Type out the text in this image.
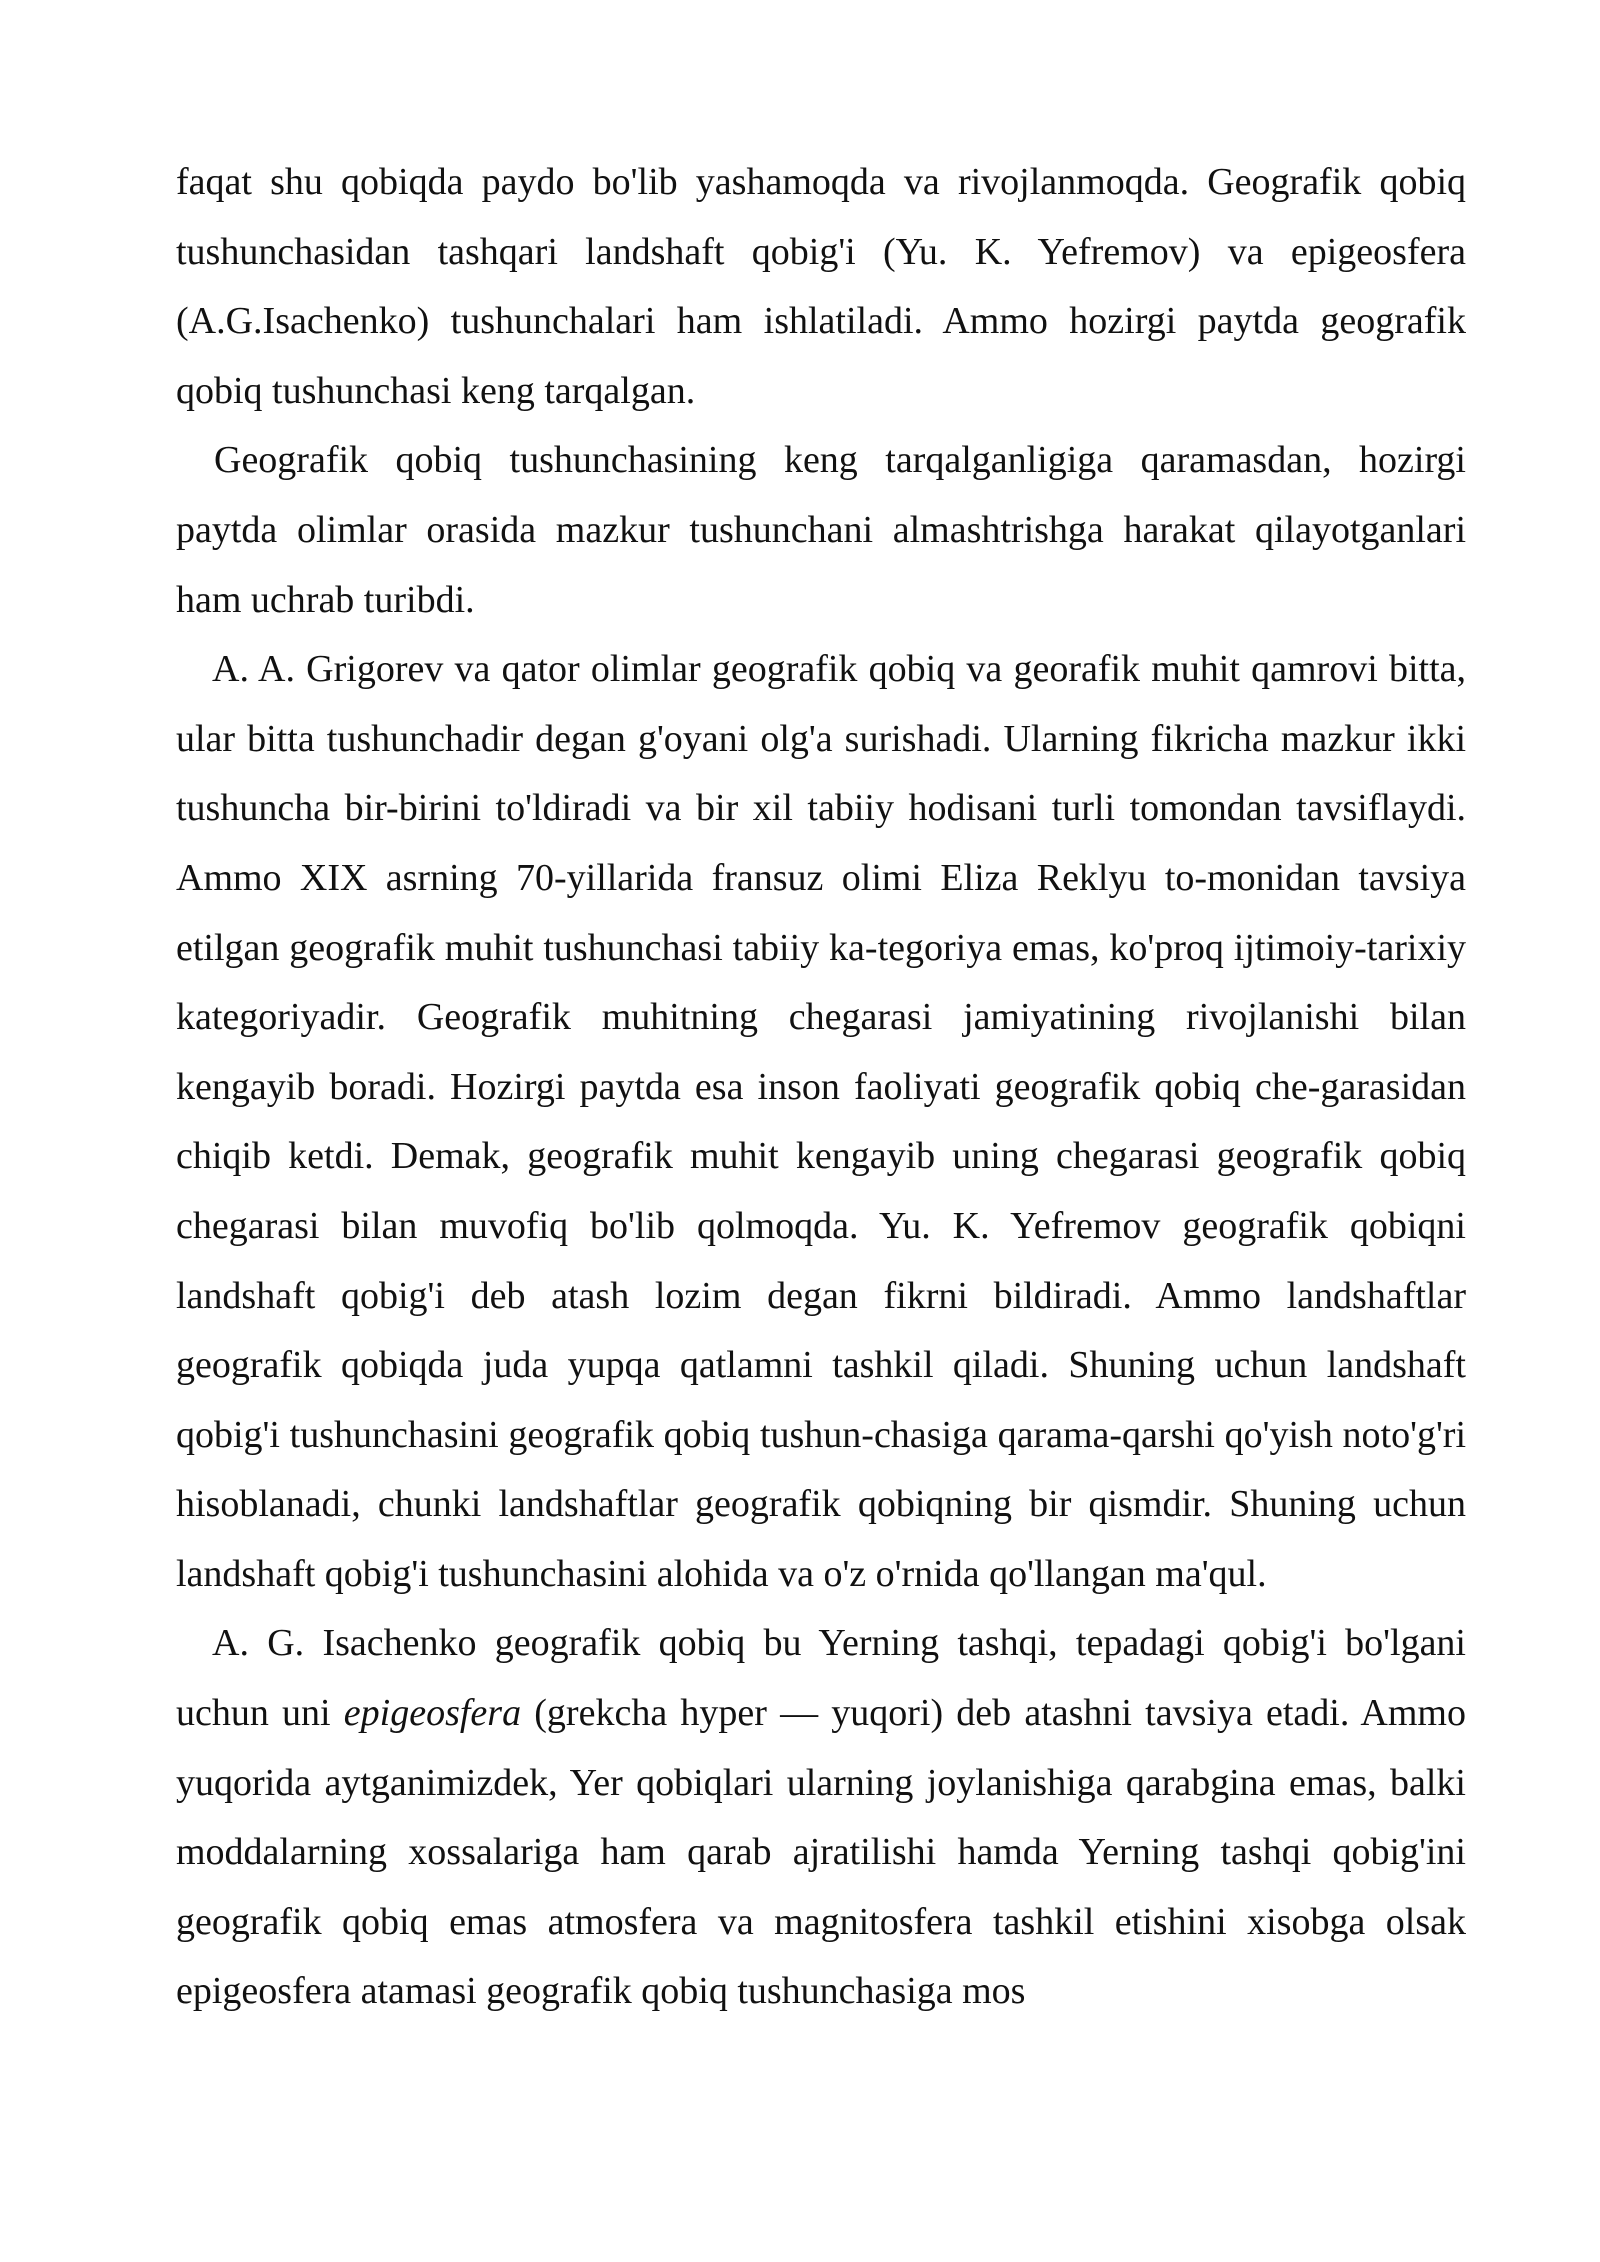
faqat shu qobiqda paydo bo'lib yashamoqda va rivojlanmoqda. Geografik qobiq tushunchasidan tashqari landshaft qobig'i (Yu. K. Yefremov) va epigeosfera (A.G.Isachenko) tushunchalari ham ishlatiladi. Ammo hozirgi paytda geografik qobiq tushunchasi keng tarqalgan.

Geografik qobiq tushunchasining keng tarqalganligiga qaramasdan, hozirgi paytda olimlar orasida mazkur tushunchani almashtrishga harakat qilayotganlari ham uchrab turibdi.

A. A. Grigorev va qator olimlar geografik qobiq va georafik muhit qamrovi bitta, ular bitta tushunchadir degan g'oyani olg'a surishadi. Ularning fikricha mazkur ikki tushuncha bir-birini to'ldiradi va bir xil tabiiy hodisani turli tomondan tavsiflaydi. Ammo XIX asrning 70-yillarida fransuz olimi Eliza Reklyu to-monidan tavsiya etilgan geografik muhit tushunchasi tabiiy ka-tegoriya emas, ko'proq ijtimoiy-tarixiy kategoriyadir. Geografik muhitning chegarasi jamiyatining rivojlanishi bilan kengayib boradi. Hozirgi paytda esa inson faoliyati geografik qobiq che-garasidan chiqib ketdi. Demak, geografik muhit kengayib uning chegarasi geografik qobiq chegarasi bilan muvofiq bo'lib qolmoqda. Yu. K. Yefremov geografik qobiqni landshaft qobig'i deb atash lozim degan fikrni bildiradi. Ammo landshaftlar geografik qobiqda juda yupqa qatlamni tashkil qiladi. Shuning uchun landshaft qobig'i tushunchasini geografik qobiq tushun-chasiga qarama-qarshi qo'yish noto'g'ri hisoblanadi, chunki landshaftlar geografik qobiqning bir qismdir. Shuning uchun landshaft qobig'i tushunchasini alohida va o'z o'rnida qo'llangan ma'qul.

A. G. Isachenko geografik qobiq bu Yerning tashqi, tepadagi qobig'i bo'lgani uchun uni epigeosfera (grekcha hyper — yuqori) deb atashni tavsiya etadi. Ammo yuqorida aytganimizdek, Yer qobiqlari ularning joylanishiga qarabgina emas, balki moddalarning xossalariga ham qarab ajratilishi hamda Yerning tashqi qobig'ini geografik qobiq emas atmosfera va magnitosfera tashkil etishini xisobga olsak epigeosfera atamasi geografik qobiq tushunchasiga mos
